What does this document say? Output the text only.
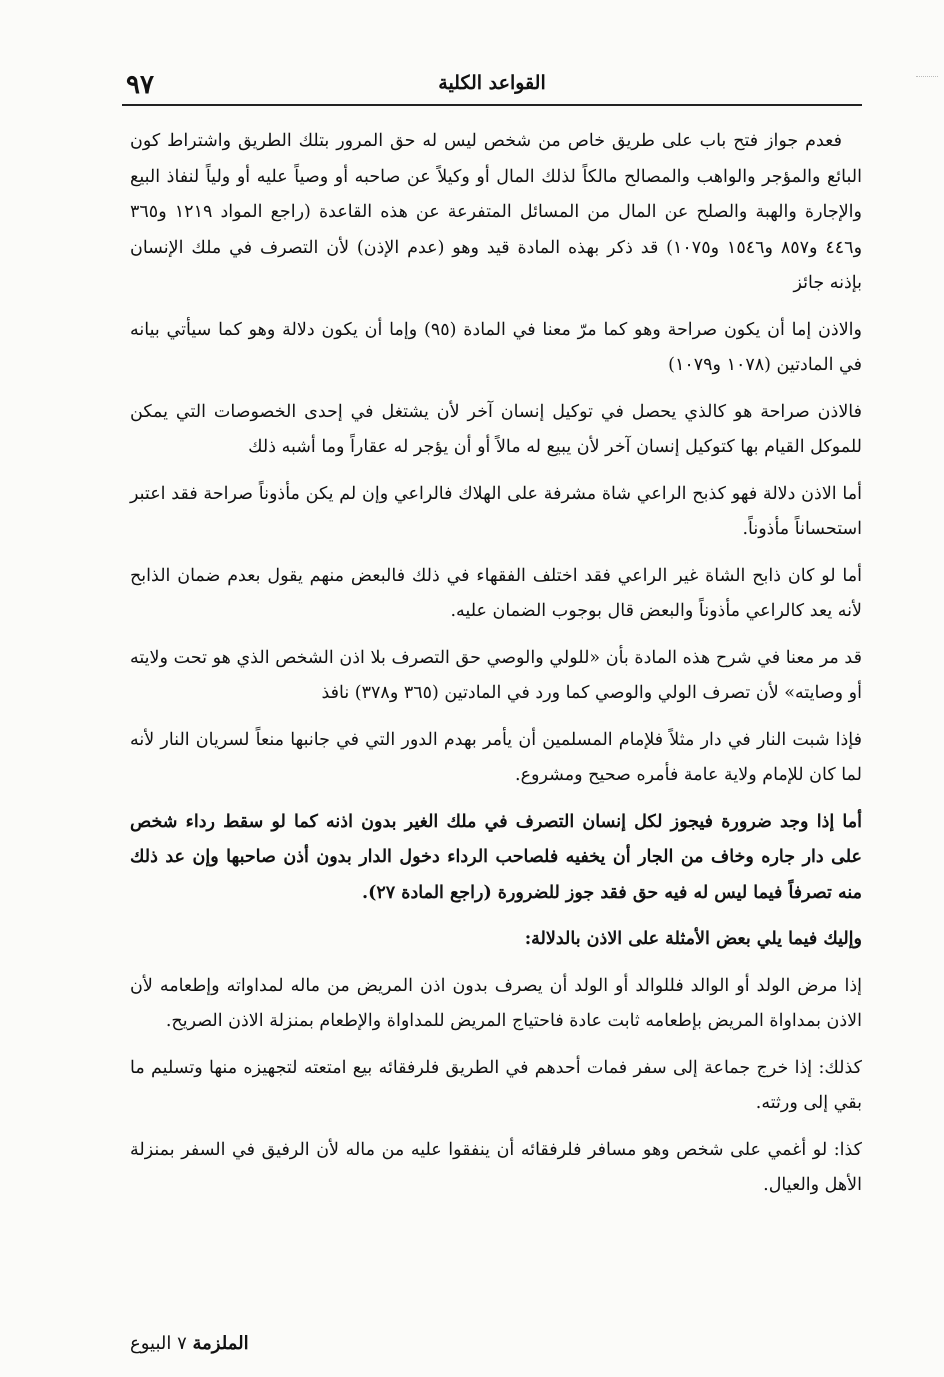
٩٧	القواعد الكلية

فعدم جواز فتح باب على طريق خاص من شخص ليس له حق المرور بتلك الطريق واشتراط كون البائع والمؤجر والواهب والمصالح مالكاً لذلك المال أو وكيلاً عن صاحبه أو وصياً عليه أو ولياً لنفاذ البيع والإجارة والهبة والصلح عن المال من المسائل المتفرعة عن هذه القاعدة (راجع المواد ١٢١٩ و٣٦٥ و٤٤٦ و٨٥٧ و١٥٤٦ و١٠٧٥) قد ذكر بهذه المادة قيد وهو (عدم الإذن) لأن التصرف في ملك الإنسان بإذنه جائز

والاذن إما أن يكون صراحة وهو كما مرّ معنا في المادة (٩٥) وإما أن يكون دلالة وهو كما سيأتي بيانه في المادتين (١٠٧٨ و١٠٧٩)

فالاذن صراحة هو كالذي يحصل في توكيل إنسان آخر لأن يشتغل في إحدى الخصوصات التي يمكن للموكل القيام بها كتوكيل إنسان آخر لأن يبيع له مالاً أو أن يؤجر له عقاراً وما أشبه ذلك

أما الاذن دلالة فهو كذبح الراعي شاة مشرفة على الهلاك فالراعي وإن لم يكن مأذوناً صراحة فقد اعتبر استحساناً مأذوناً.

أما لو كان ذابح الشاة غير الراعي فقد اختلف الفقهاء في ذلك فالبعض منهم يقول بعدم ضمان الذابح لأنه يعد كالراعي مأذوناً والبعض قال بوجوب الضمان عليه.

قد مر معنا في شرح هذه المادة بأن «للولي والوصي حق التصرف بلا اذن الشخص الذي هو تحت ولايته أو وصايته» لأن تصرف الولي والوصي كما ورد في المادتين (٣٦٥ و٣٧٨) نافذ

فإذا شبت النار في دار مثلاً فلإمام المسلمين أن يأمر بهدم الدور التي في جانبها منعاً لسريان النار لأنه لما كان للإمام ولاية عامة فأمره صحيح ومشروع.

أما إذا وجد ضرورة فيجوز لكل إنسان التصرف في ملك الغير بدون اذنه كما لو سقط رداء شخص على دار جاره وخاف من الجار أن يخفيه فلصاحب الرداء دخول الدار بدون أذن صاحبها وإن عد ذلك منه تصرفاً فيما ليس له فيه حق فقد جوز للضرورة (راجع المادة ٢٧).

وإليك فيما يلي بعض الأمثلة على الاذن بالدلالة:

إذا مرض الولد أو الوالد فللوالد أو الولد أن يصرف بدون اذن المريض من ماله لمداواته وإطعامه لأن الاذن بمداواة المريض بإطعامه ثابت عادة فاحتياج المريض للمداواة والإطعام بمنزلة الاذن الصريح.

كذلك: إذا خرج جماعة إلى سفر فمات أحدهم في الطريق فلرفقائه بيع امتعته لتجهيزه منها وتسليم ما بقي إلى ورثته.

كذا: لو أغمي على شخص وهو مسافر فلرفقائه أن ينفقوا عليه من ماله لأن الرفيق في السفر بمنزلة الأهل والعيال.

الملزمة ٧ البيوع
